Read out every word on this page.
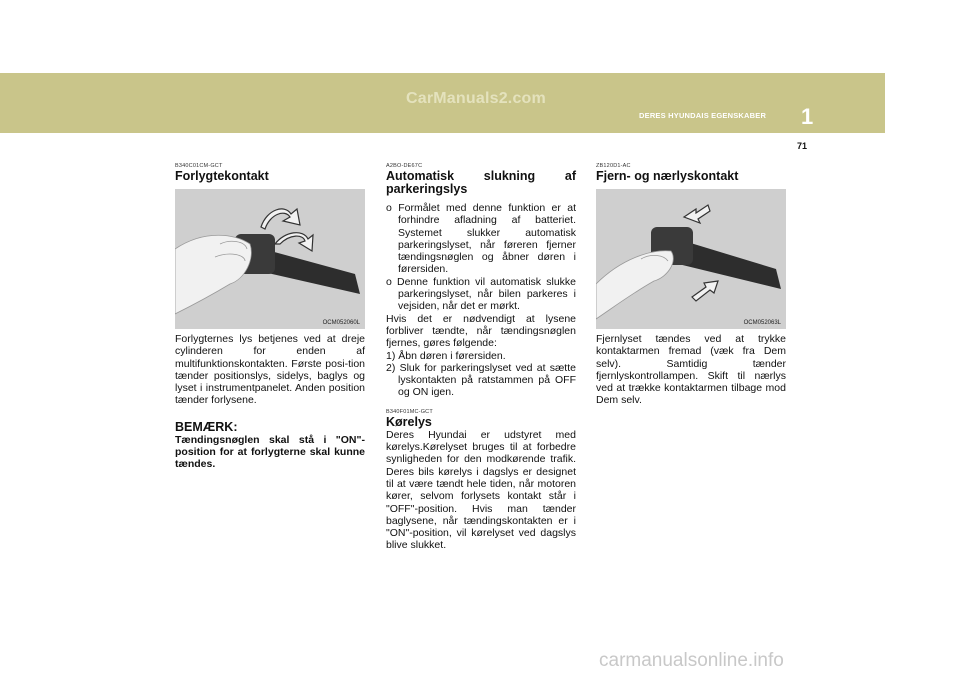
CarManuals2.com
DERES HYUNDAIS EGENSKABER 1
71
B340C01CM-GCT
Forlygtekontakt
OCM052060L

Forlygternes lys betjenes ved at dreje cylinderen for enden af multifunktionskontakten. Første posi-tion tænder positionslys, sidelys, baglys og lyset i instrumentpanelet. Anden position tænder forlysene.

BEMÆRK:

Tændingsnøglen skal stå i "ON"-position for at forlygterne skal kunne tændes.

A2BO-DE67C
Automatisk slukning af parkeringslys

o Formålet med denne funktion er at forhindre afladning af batteriet. Systemet slukker automatisk parkeringslyset, når føreren fjerner tændingsnøglen og åbner døren i førersiden.

o Denne funktion vil automatisk slukke parkeringslyset, når bilen parkeres i vejsiden, når det er mørkt.

Hvis det er nødvendigt at lysene forbliver tændte, når tændingsnøglen fjernes, gøres følgende:

1) Åbn døren i førersiden.

2) Sluk for parkeringslyset ved at sætte lyskontakten på ratstammen på OFF og ON igen.

B340F01MC-GCT
Kørelys

Deres Hyundai er udstyret med kørelys.Kørelyset bruges til at forbedre synligheden for den modkørende trafik. Deres bils kørelys i dagslys er designet til at være tændt hele tiden, når motoren kører, selvom forlysets kontakt står i "OFF"-position. Hvis man tænder baglysene, når tændingskontakten er i "ON"-position, vil kørelyset ved dagslys blive slukket.

ZB120D1-AC
Fjern- og nærlyskontakt
OCM052063L

Fjernlyset tændes ved at trykke kontaktarmen fremad (væk fra Dem selv). Samtidig tænder fjernlyskontrollampen. Skift til nærlys ved at trække kontaktarmen tilbage mod Dem selv.

carmanualsonline.info
